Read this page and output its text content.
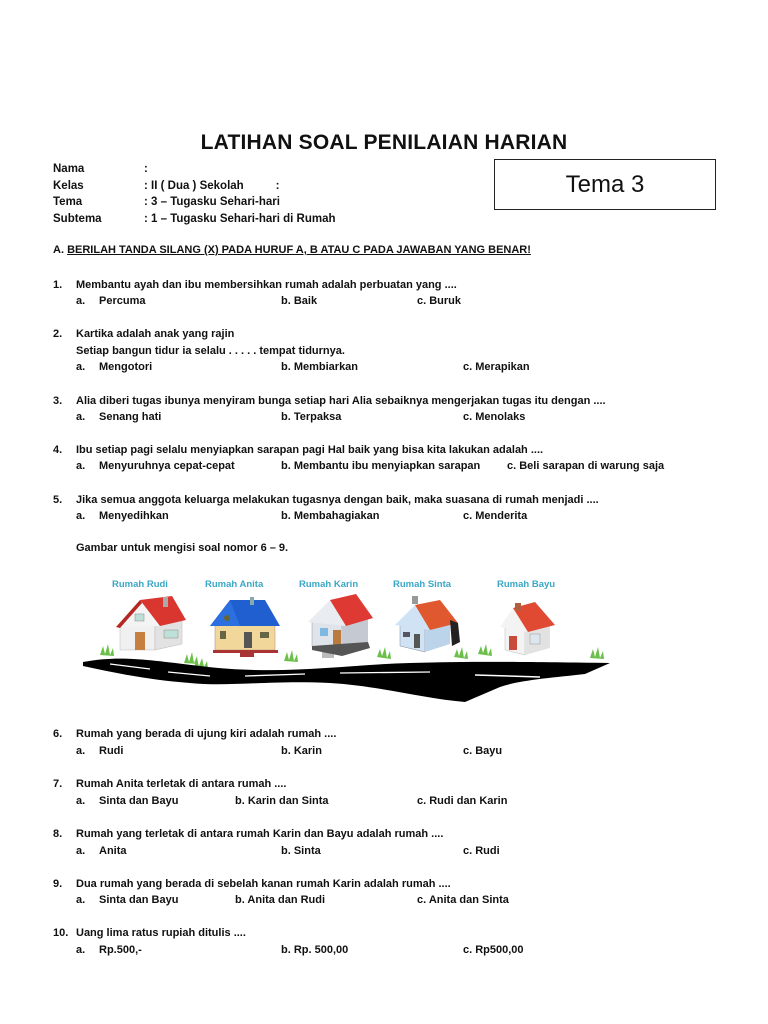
LATIHAN SOAL PENILAIAN HARIAN
Nama	:
Kelas	: II ( Dua ) Sekolah          :
Tema	: 3 – Tugasku Sehari-hari
Subtema	: 1 – Tugasku Sehari-hari di Rumah
Tema 3
A. BERILAH TANDA SILANG (X) PADA HURUF A, B ATAU C PADA JAWABAN YANG BENAR!
1. Membantu ayah dan ibu membersihkan rumah adalah perbuatan yang ....
a. Percuma	b. Baik	c. Buruk
2. Kartika adalah anak yang rajin
Setiap bangun tidur ia selalu . . . . . tempat tidurnya.
a. Mengotori	b. Membiarkan	c. Merapikan
3. Alia diberi tugas ibunya menyiram bunga setiap hari Alia sebaiknya mengerjakan tugas itu dengan ....
a. Senang hati	b. Terpaksa	c. Menolaks
4. Ibu setiap pagi selalu menyiapkan sarapan pagi Hal baik yang bisa kita lakukan adalah ....
a. Menyuruhnya cepat-cepat	b. Membantu ibu menyiapkan sarapan c. Beli sarapan di warung saja
5. Jika semua anggota keluarga melakukan tugasnya dengan baik, maka suasana di rumah menjadi ....
a. Menyedihkan	b. Membahagiakan	c. Menderita
Gambar untuk mengisi soal nomor 6 – 9.
Rumah Rudi	Rumah Anita	Rumah Karin	Rumah Sinta	Rumah Bayu
6. Rumah yang berada di ujung kiri adalah rumah ....
a. Rudi	b. Karin	c. Bayu
7. Rumah Anita terletak di antara rumah ....
a. Sinta dan Bayu	b. Karin dan Sinta	c. Rudi dan Karin
8. Rumah yang terletak di antara rumah Karin dan Bayu adalah rumah ....
a. Anita	b. Sinta	c. Rudi
9. Dua rumah yang berada di sebelah kanan rumah Karin adalah rumah ....
a. Sinta dan Bayu	b. Anita dan Rudi	c. Anita dan Sinta
10. Uang lima ratus rupiah ditulis ....
a. Rp.500,-	b. Rp. 500,00	c. Rp500,00
